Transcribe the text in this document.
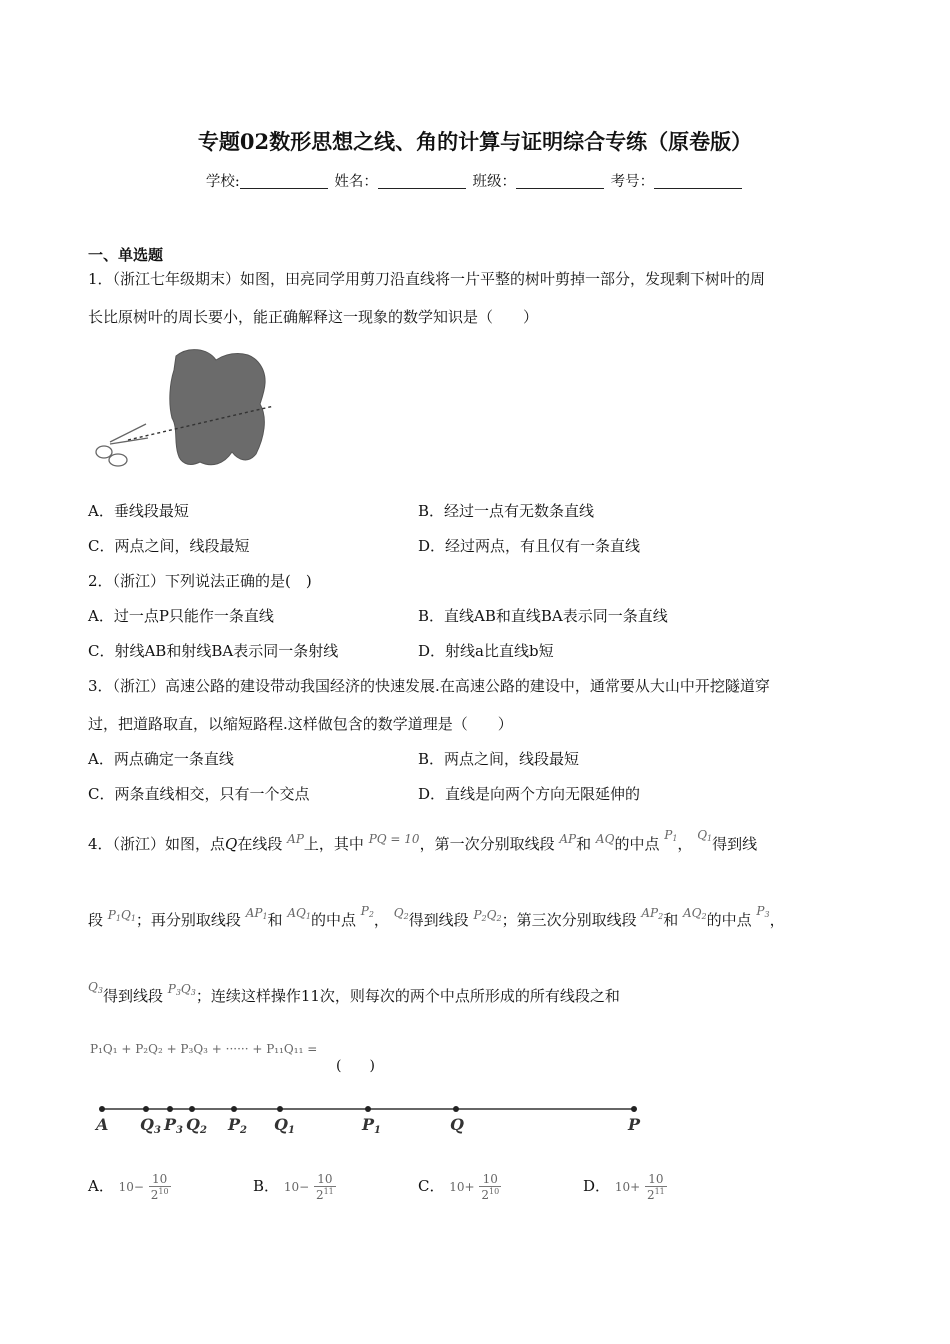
专题02数形思想之线、角的计算与证明综合专练（原卷版）
学校:	姓名：	班级：	考号：
一、单选题
1．（浙江七年级期末）如图，田亮同学用剪刀沿直线将一片平整的树叶剪掉一部分，发现剩下树叶的周
长比原树叶的周长要小，能正确解释这一现象的数学知识是（　　）
A．垂线段最短	B．经过一点有无数条直线
C．两点之间，线段最短	D．经过两点，有且仅有一条直线
2．（浙江）下列说法正确的是(　)
A．过一点P只能作一条直线	B．直线AB和直线BA表示同一条直线
C．射线AB和射线BA表示同一条射线	D．射线a比直线b短
3．（浙江）高速公路的建设带动我国经济的快速发展.在高速公路的建设中，通常要从大山中开挖隧道穿
过，把道路取直，以缩短路程.这样做包含的数学道理是（　　）
A．两点确定一条直线	B．两点之间，线段最短
C．两条直线相交，只有一个交点	D．直线是向两个方向无限延伸的
4．（浙江）如图，点Q在线段 $^{AP}$上，其中 $^{PQ = 10}$，第一次分别取线段 $^{AP}$和 $^{AQ}$的中点 $^{P_1}$， $^{Q_1}$得到线
段 $^{P_1Q_1}$；再分别取线段 $^{AP_1}$和 $^{AQ_1}$的中点 $^{P_2}$， $^{Q_2}$得到线段 $^{P_2Q_2}$；第三次分别取线段 $^{AP_2}$和 $^{AQ_2}$的中点 $^{P_3}$，
$^{Q_3}$得到线段 $^{P_3Q_3}$；连续这样操作11次，则每次的两个中点所形成的所有线段之和
P₁Q₁ + P₂Q₂ + P₃Q₃ + ······ + P₁₁Q₁₁ =
(　　)
A Q3 P3 Q2 P2 Q1	P1	Q	P
A． $10- \frac{10}{2^{10}}$	B． $10- \frac{10}{2^{11}}$	C． $10+ \frac{10}{2^{10}}$	D． $10+ \frac{10}{2^{11}}$
